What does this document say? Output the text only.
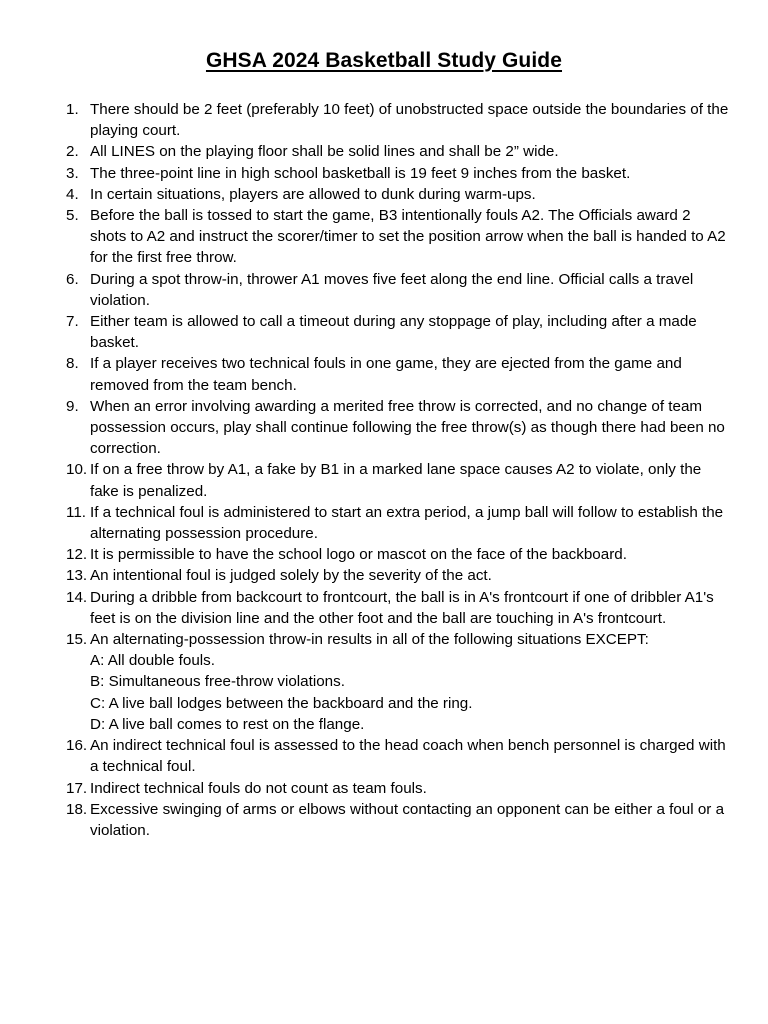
GHSA 2024 Basketball Study Guide
1. There should be 2 feet (preferably 10 feet) of unobstructed space outside the boundaries of the playing court.
2. All LINES on the playing floor shall be solid lines and shall be 2” wide.
3. The three-point line in high school basketball is 19 feet 9 inches from the basket.
4. In certain situations, players are allowed to dunk during warm-ups.
5. Before the ball is tossed to start the game, B3 intentionally fouls A2. The Officials award 2 shots to A2 and instruct the scorer/timer to set the position arrow when the ball is handed to A2 for the first free throw.
6. During a spot throw-in, thrower A1 moves five feet along the end line. Official calls a travel violation.
7. Either team is allowed to call a timeout during any stoppage of play, including after a made basket.
8. If a player receives two technical fouls in one game, they are ejected from the game and removed from the team bench.
9. When an error involving awarding a merited free throw is corrected, and no change of team possession occurs, play shall continue following the free throw(s) as though there had been no correction.
10. If on a free throw by A1, a fake by B1 in a marked lane space causes A2 to violate, only the fake is penalized.
11. If a technical foul is administered to start an extra period, a jump ball will follow to establish the alternating possession procedure.
12. It is permissible to have the school logo or mascot on the face of the backboard.
13. An intentional foul is judged solely by the severity of the act.
14. During a dribble from backcourt to frontcourt, the ball is in A's frontcourt if one of dribbler A1's feet is on the division line and the other foot and the ball are touching in A's frontcourt.
15. An alternating-possession throw-in results in all of the following situations EXCEPT:
A: All double fouls.
B: Simultaneous free-throw violations.
C: A live ball lodges between the backboard and the ring.
D: A live ball comes to rest on the flange.
16. An indirect technical foul is assessed to the head coach when bench personnel is charged with a technical foul.
17. Indirect technical fouls do not count as team fouls.
18. Excessive swinging of arms or elbows without contacting an opponent can be either a foul or a violation.
